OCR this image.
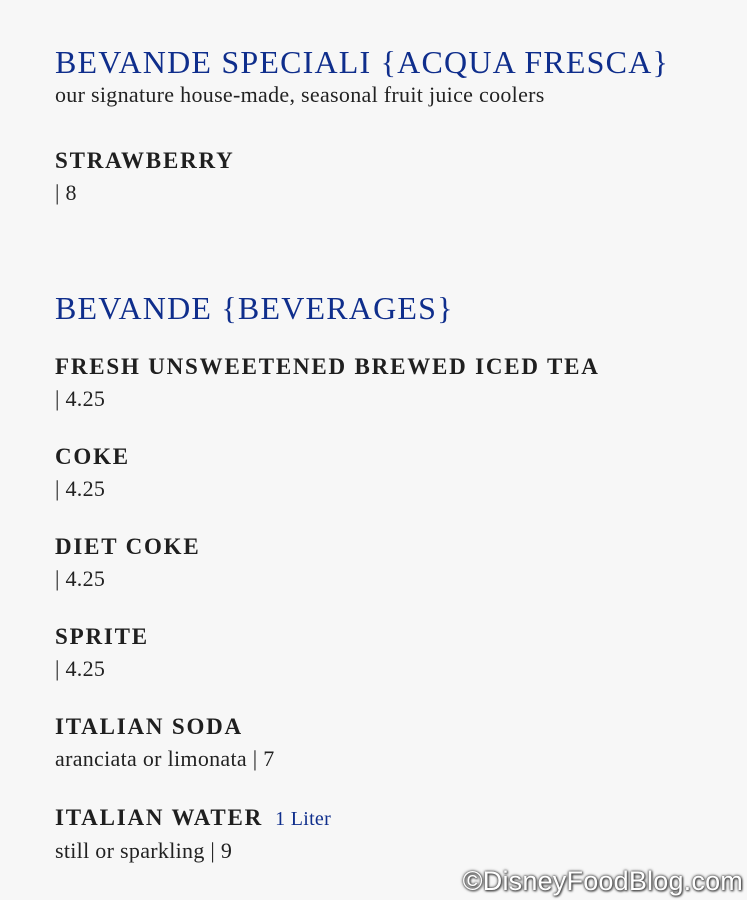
BEVANDE SPECIALI {ACQUA FRESCA}
our signature house-made, seasonal fruit juice coolers
STRAWBERRY
| 8
BEVANDE {BEVERAGES}
FRESH UNSWEETENED BREWED ICED TEA
| 4.25
COKE
| 4.25
DIET COKE
| 4.25
SPRITE
| 4.25
ITALIAN SODA
aranciata or limonata | 7
ITALIAN WATER 1 Liter
still or sparkling | 9
©DisneyFoodBlog.com
